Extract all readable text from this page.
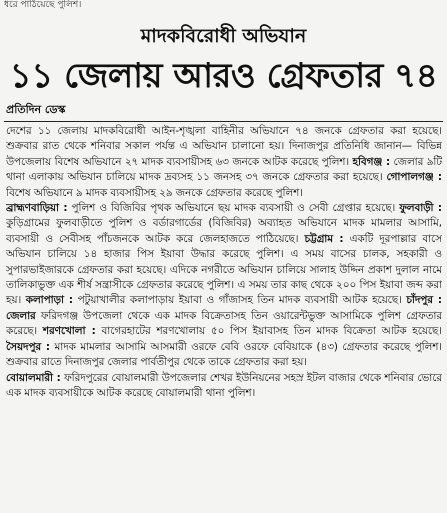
ধরে পাঠিয়েছে পুলিশ।
মাদকবিরোধী অভিযান
১১ জেলায় আরও গ্রেফতার ৭৪
প্রতিদিন ডেস্ক

দেশের ১১ জেলায় মাদকবিরোধী আইন-শৃঙ্খলা বাহিনীর অভিযানে ৭৪ জনকে গ্রেফতার করা হয়েছে। শুক্রবার রাত থেকে শনিবার সকাল পর্যন্ত এ অভিযান চালানো হয়। দিনাজপুর প্রতিনিধি জানান— বিভিন্ন উপজেলায় বিশেষ অভিযানে ২৭ মাদক ব্যবসায়ীসহ ৬৩ জনকে আটক করেছে পুলিশ। হবিগঞ্জ : জেলার ৯টি থানা এলাকায় অভিযান চালিয়ে মাদক দ্রব্যসহ ১১ জনসহ ৩৭ জনকে গ্রেফতার করা হয়েছে। গোপালগঞ্জ : বিশেষ অভিযানে ৯ মাদক ব্যবসায়ীসহ ২৯ জনকে গ্রেফতার করেছে পুলিশ।

ব্রাহ্মণবাড়িয়া : পুলিশ ও বিজিবির পৃথক অভিযানে ছয় মাদক ব্যবসায়ী ও সেবী গ্রেপ্তার হয়েছে। ফুলবাড়ী : কুড়িগ্রামের ফুলবাড়ীতে পুলিশ ও বর্ডারগার্ডের (বিজিবির) অব্যাহত অভিযানে মাদক মামলার আসামি, ব্যবসায়ী ও সেবীসহ পাঁচজনকে আটক করে জেলহাজতে পাঠিয়েছে। চট্টগ্রাম : একটি দূরপাল্লার বাসে অভিযান চালিয়ে ১৪ হাজার পিস ইয়াবা উদ্ধার করেছে পুলিশ। এ সময় বাসের চালক, সহকারী ও সুপারভাইজারকে গ্রেফতার করা হয়েছে। এদিকে নগরীতে অভিযান চালিয়ে সালাহ উদ্দিন প্রকাশ দুলাল নামে তালিকাভুক্ত এক শীর্ষ সন্ত্রাসীকে গ্রেফতার করেছে পুলিশ। এ সময় তার কাছ থেকে ২০০ পিস ইয়াবা জব্দ করা হয়। কলাপাড়া : পটুয়াখালীর কলাপাড়ায় ইয়াবা ও গাঁজাসহ তিন মাদক ব্যবসায়ী আটক হয়েছে। চাঁদপুর : জেলার ফরিদগঞ্জ উপজেলা থেকে এক মাদক বিক্রেতাসহ তিন ওয়ারেন্টভুক্ত আসামিকে পুলিশ গ্রেফতার করেছে। শরণখোলা : বাগেরহাটের শরণখোলায় ৫০ পিস ইয়াবাসহ তিন মাদক বিক্রেতা আটক হয়েছে। সৈয়দপুর : মাদক মামলার আসামি আসমারী ওরফে বেবি ওরফে বেবিয়াকে (৪৩) গ্রেফতার করেছে পুলিশ। শুক্রবার রাতে দিনাজপুর জেলার পার্বতীপুর থেকে তাকে গ্রেফতার করা হয়।

বোয়ালমারী : ফরিদপুরের বোয়ালমারী উপজেলার শেখর ইউনিয়নের সহস্র ইটল বাজার থেকে শনিবার ভোরে এক মাদক ব্যবসায়ীকে আটক করেছে বোয়ালমারী থানা পুলিশ।
